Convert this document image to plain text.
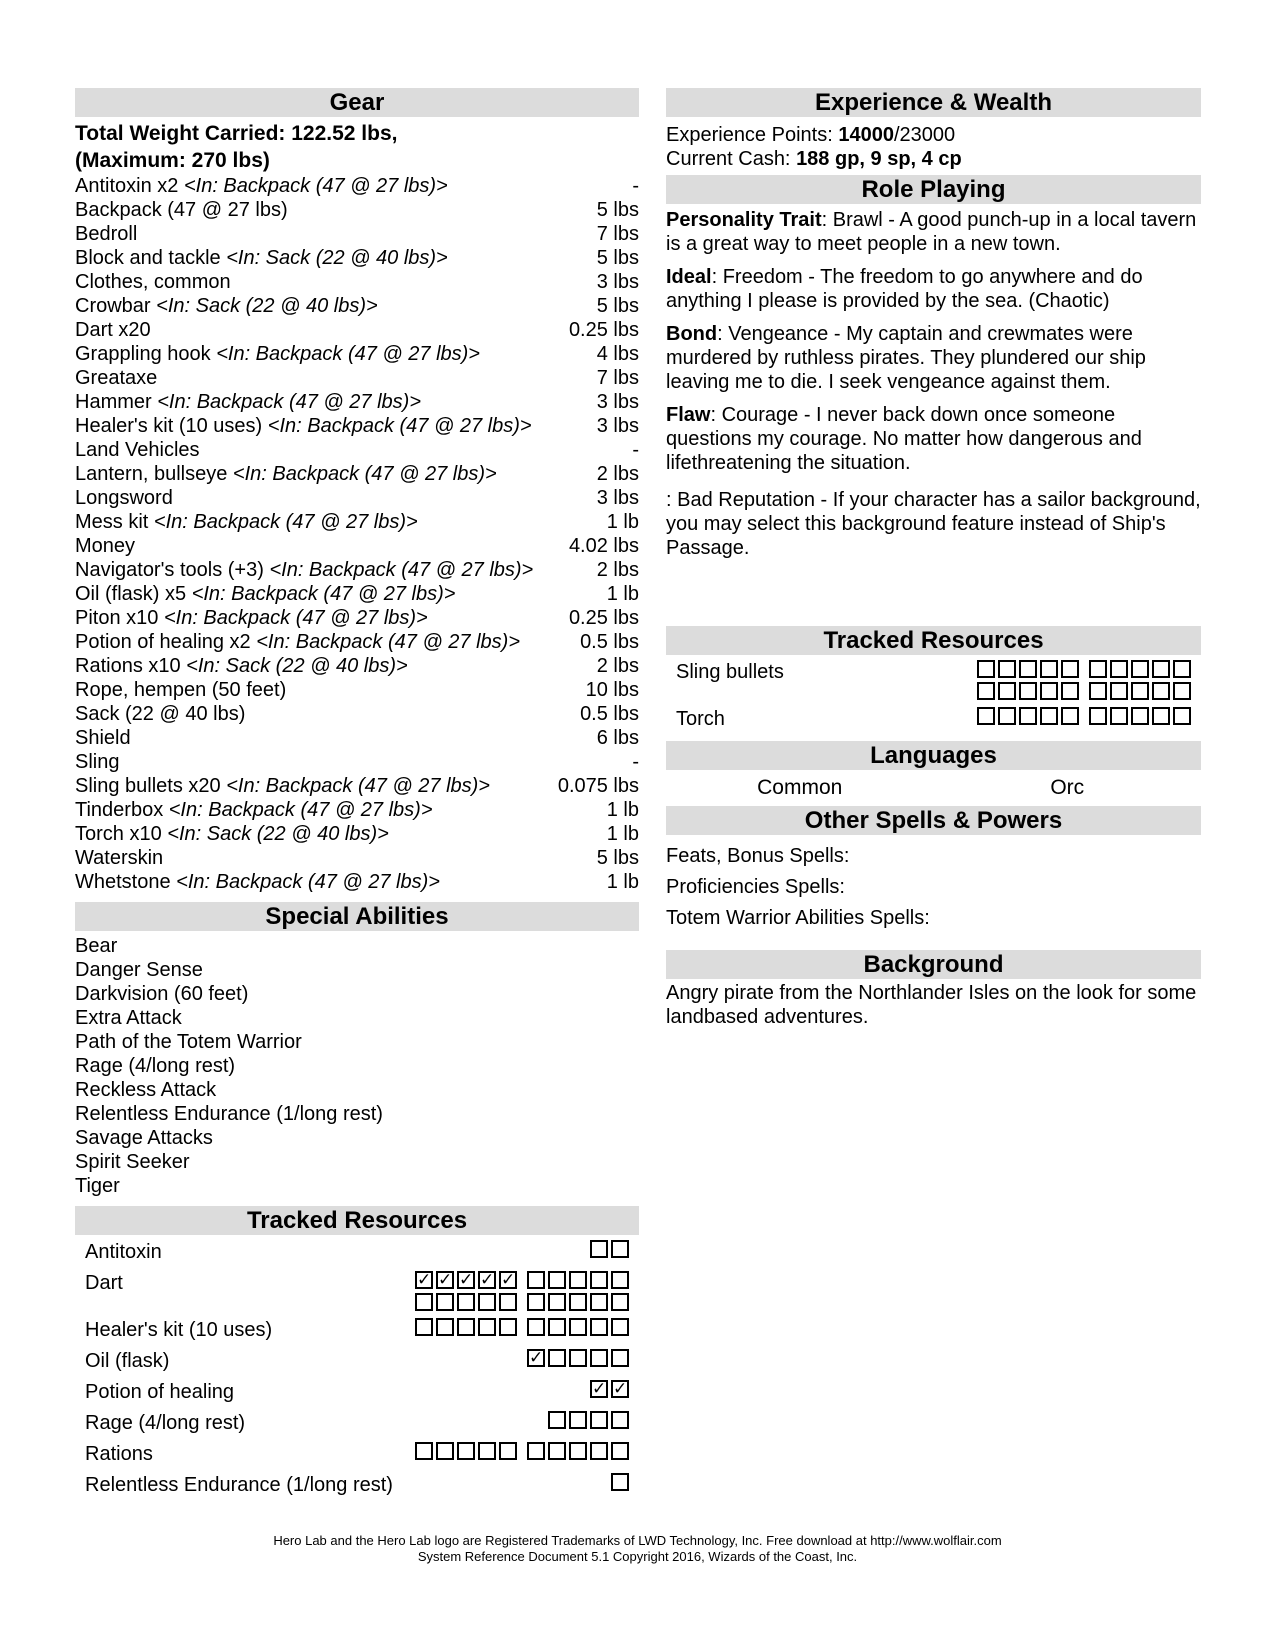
Gear
Total Weight Carried: 122.52 lbs,
(Maximum: 270 lbs)
Antitoxin x2 <In: Backpack (47 @ 27 lbs)>	-
Backpack (47 @ 27 lbs)	5 lbs
Bedroll	7 lbs
Block and tackle <In: Sack (22 @ 40 lbs)>	5 lbs
Clothes, common	3 lbs
Crowbar <In: Sack (22 @ 40 lbs)>	5 lbs
Dart x20	0.25 lbs
Grappling hook <In: Backpack (47 @ 27 lbs)>	4 lbs
Greataxe	7 lbs
Hammer <In: Backpack (47 @ 27 lbs)>	3 lbs
Healer's kit (10 uses) <In: Backpack (47 @ 27 lbs)>	3 lbs
Land Vehicles	-
Lantern, bullseye <In: Backpack (47 @ 27 lbs)>	2 lbs
Longsword	3 lbs
Mess kit <In: Backpack (47 @ 27 lbs)>	1 lb
Money	4.02 lbs
Navigator's tools (+3) <In: Backpack (47 @ 27 lbs)>	2 lbs
Oil (flask) x5 <In: Backpack (47 @ 27 lbs)>	1 lb
Piton x10 <In: Backpack (47 @ 27 lbs)>	0.25 lbs
Potion of healing x2 <In: Backpack (47 @ 27 lbs)>	0.5 lbs
Rations x10 <In: Sack (22 @ 40 lbs)>	2 lbs
Rope, hempen (50 feet)	10 lbs
Sack (22 @ 40 lbs)	0.5 lbs
Shield	6 lbs
Sling	-
Sling bullets x20 <In: Backpack (47 @ 27 lbs)>	0.075 lbs
Tinderbox <In: Backpack (47 @ 27 lbs)>	1 lb
Torch x10 <In: Sack (22 @ 40 lbs)>	1 lb
Waterskin	5 lbs
Whetstone <In: Backpack (47 @ 27 lbs)>	1 lb
Special Abilities
Bear
Danger Sense
Darkvision (60 feet)
Extra Attack
Path of the Totem Warrior
Rage (4/long rest)
Reckless Attack
Relentless Endurance (1/long rest)
Savage Attacks
Spirit Seeker
Tiger
Tracked Resources
Antitoxin
Dart	✓ ✓ ✓ ✓ ✓
Healer's kit (10 uses)
Oil (flask)	✓
Potion of healing	✓ ✓
Rage (4/long rest)
Rations
Relentless Endurance (1/long rest)
Experience & Wealth
Experience Points: 14000/23000
Current Cash: 188 gp, 9 sp, 4 cp
Role Playing
Personality Trait: Brawl - A good punch-up in a local tavern is a great way to meet people in a new town.
Ideal: Freedom - The freedom to go anywhere and do anything I please is provided by the sea. (Chaotic)
Bond: Vengeance - My captain and crewmates were murdered by ruthless pirates. They plundered our ship leaving me to die. I seek vengeance against them.
Flaw: Courage - I never back down once someone questions my courage. No matter how dangerous and lifethreatening the situation.
: Bad Reputation - If your character has a sailor background, you may select this background feature instead of Ship's Passage.
Tracked Resources
Sling bullets
Torch
Languages
Common	Orc
Other Spells & Powers
Feats, Bonus Spells:
Proficiencies Spells:
Totem Warrior Abilities Spells:
Background
Angry pirate from the Northlander Isles on the look for some landbased adventures.
Hero Lab and the Hero Lab logo are Registered Trademarks of LWD Technology, Inc. Free download at http://www.wolflair.com
System Reference Document 5.1 Copyright 2016, Wizards of the Coast, Inc.
